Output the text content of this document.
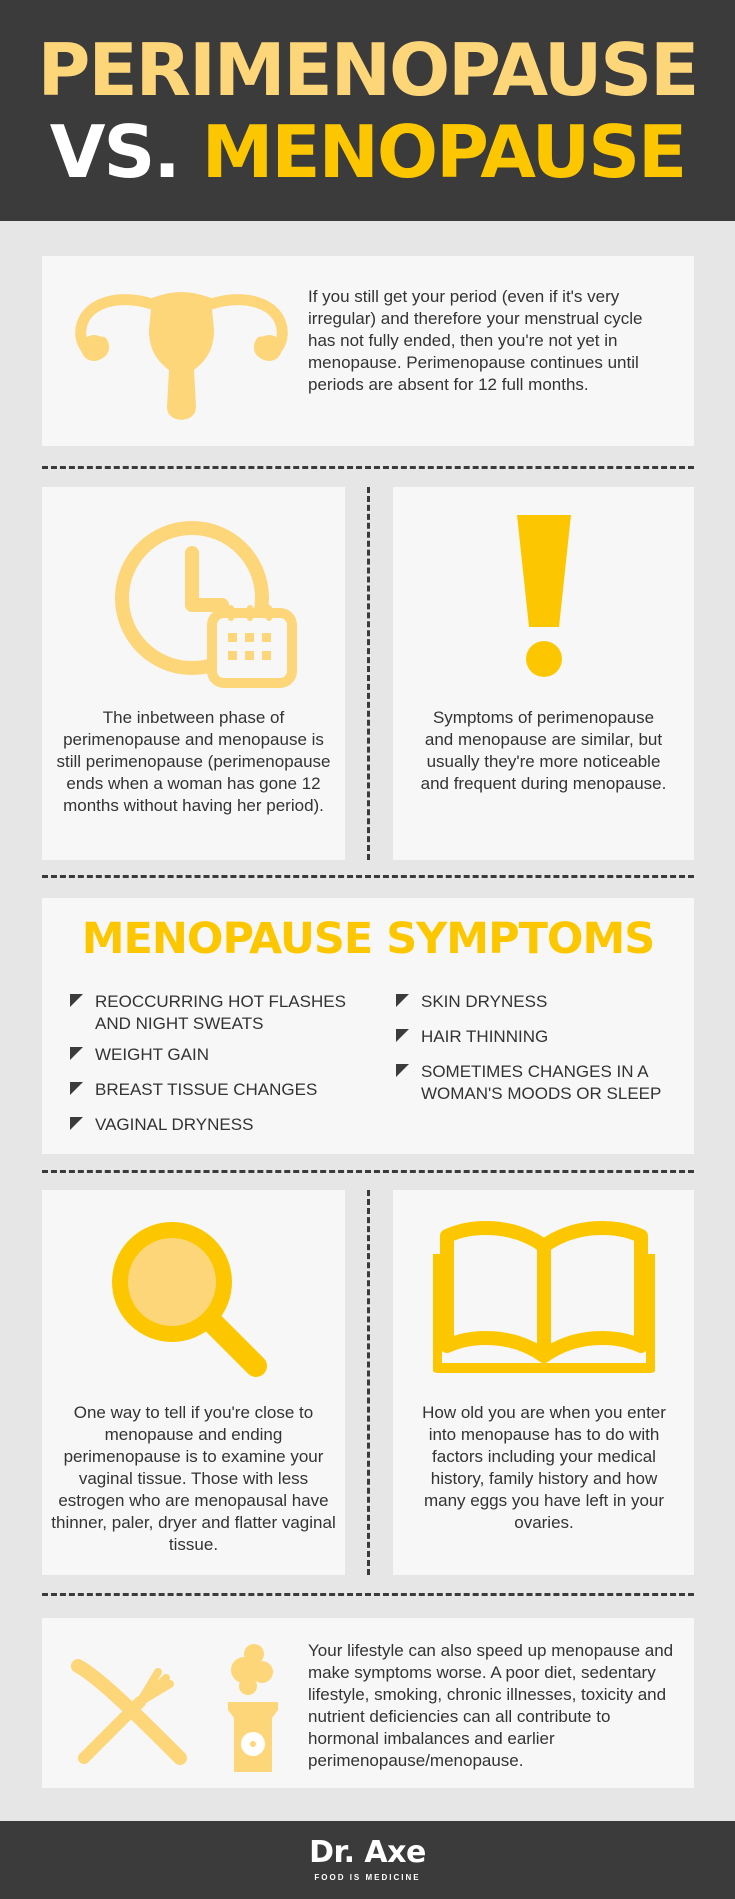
PERIMENOPAUSE
VS. MENOPAUSE
If you still get your period (even if it's very irregular) and therefore your menstrual cycle has not fully ended, then you're not yet in menopause. Perimenopause continues until periods are absent for 12 full months.
The inbetween phase of perimenopause and menopause is still perimenopause (perimenopause ends when a woman has gone 12 months without having her period).
Symptoms of perimenopause and menopause are similar, but usually they're more noticeable and frequent during menopause.
MENOPAUSE SYMPTOMS
REOCCURRING HOT FLASHES AND NIGHT SWEATS
WEIGHT GAIN
BREAST TISSUE CHANGES
VAGINAL DRYNESS
SKIN DRYNESS
HAIR THINNING
SOMETIMES CHANGES IN A WOMAN'S MOODS OR SLEEP
One way to tell if you're close to menopause and ending perimenopause is to examine your vaginal tissue. Those with less estrogen who are menopausal have thinner, paler, dryer and flatter vaginal tissue.
How old you are when you enter into menopause has to do with factors including your medical history, family history and how many eggs you have left in your ovaries.
Your lifestyle can also speed up menopause and make symptoms worse. A poor diet, sedentary lifestyle, smoking, chronic illnesses, toxicity and nutrient deficiencies can all contribute to hormonal imbalances and earlier perimenopause/menopause.
Dr. Axe
FOOD IS MEDICINE
